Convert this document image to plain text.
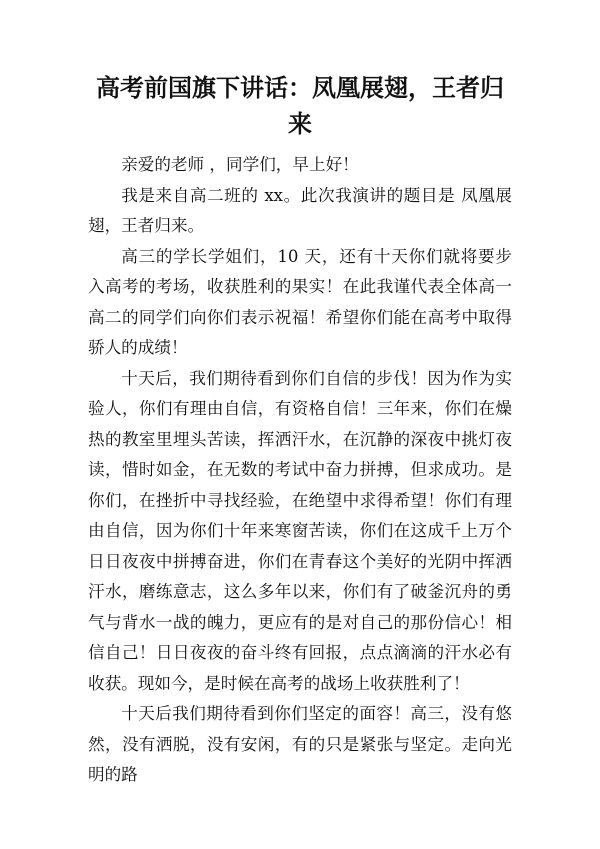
高考前国旗下讲话：凤凰展翅，王者归来

亲爱的老师 ，同学们，早上好！

我是来自高二班的 xx。此次我演讲的题目是 凤凰展翅，王者归来。

高三的学长学姐们，10 天，还有十天你们就将要步入高考的考场，收获胜利的果实！在此我谨代表全体高一高二的同学们向你们表示祝福！希望你们能在高考中取得骄人的成绩！

十天后，我们期待看到你们自信的步伐！因为作为实验人，你们有理由自信，有资格自信！三年来，你们在燥热的教室里埋头苦读，挥洒汗水，在沉静的深夜中挑灯夜读，惜时如金，在无数的考试中奋力拼搏，但求成功。是你们，在挫折中寻找经验，在绝望中求得希望！你们有理由自信，因为你们十年来寒窗苦读，你们在这成千上万个日日夜夜中拼搏奋进，你们在青春这个美好的光阴中挥洒汗水，磨练意志，这么多年以来，你们有了破釜沉舟的勇气与背水一战的魄力，更应有的是对自己的那份信心！相信自己！日日夜夜的奋斗终有回报，点点滴滴的汗水必有收获。现如今，是时候在高考的战场上收获胜利了！

十天后我们期待看到你们坚定的面容！高三，没有悠然，没有洒脱，没有安闲，有的只是紧张与坚定。走向光明的路
